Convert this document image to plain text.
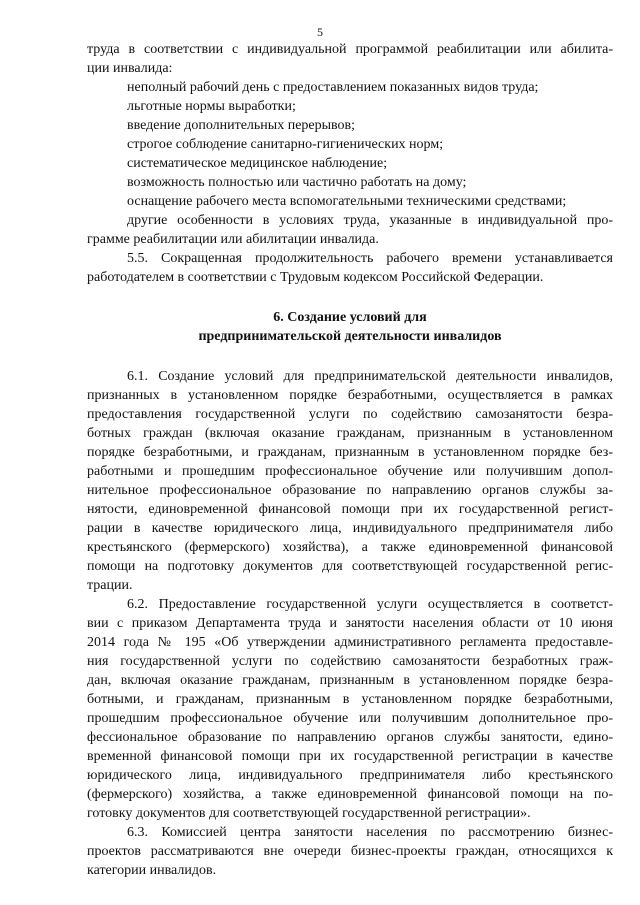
5
труда в соответствии с индивидуальной программой реабилитации или абилита-
ции инвалида:
неполный рабочий день с предоставлением показанных видов труда;
льготные нормы выработки;
введение дополнительных перерывов;
строгое соблюдение санитарно-гигиенических норм;
систематическое медицинское наблюдение;
возможность полностью или частично работать на дому;
оснащение рабочего места вспомогательными техническими средствами;
другие особенности в условиях труда, указанные в индивидуальной про-
грамме реабилитации или абилитации инвалида.
5.5. Сокращенная продолжительность рабочего времени устанавливается
работодателем в соответствии с Трудовым кодексом Российской Федерации.
6. Создание условий для
предпринимательской деятельности инвалидов
6.1. Создание условий для предпринимательской деятельности инвалидов,
признанных в установленном порядке безработными, осуществляется в рамках
предоставления государственной услуги по содействию самозанятости безра-
ботных граждан (включая оказание гражданам, признанным в установленном
порядке безработными, и гражданам, признанным в установленном порядке без-
работными и прошедшим профессиональное обучение или получившим допол-
нительное профессиональное образование по направлению органов службы за-
нятости, единовременной финансовой помощи при их государственной регист-
рации в качестве юридического лица, индивидуального предпринимателя либо
крестьянского (фермерского) хозяйства), а также единовременной финансовой
помощи на подготовку документов для соответствующей государственной регис-
трации.
6.2. Предоставление государственной услуги осуществляется в соответст-
вии с приказом Департамента труда и занятости населения области от 10 июня
2014 года № 195 «Об утверждении административного регламента предоставле-
ния государственной услуги по содействию самозанятости безработных граж-
дан, включая оказание гражданам, признанным в установленном порядке безра-
ботными, и гражданам, признанным в установленном порядке безработными,
прошедшим профессиональное обучение или получившим дополнительное про-
фессиональное образование по направлению органов службы занятости, едино-
временной финансовой помощи при их государственной регистрации в качестве
юридического лица, индивидуального предпринимателя либо крестьянского
(фермерского) хозяйства, а также единовременной финансовой помощи на по-
готовку документов для соответствующей государственной регистрации».
6.3. Комиссией центра занятости населения по рассмотрению бизнес-
проектов рассматриваются вне очереди бизнес-проекты граждан, относящихся к
категории инвалидов.
